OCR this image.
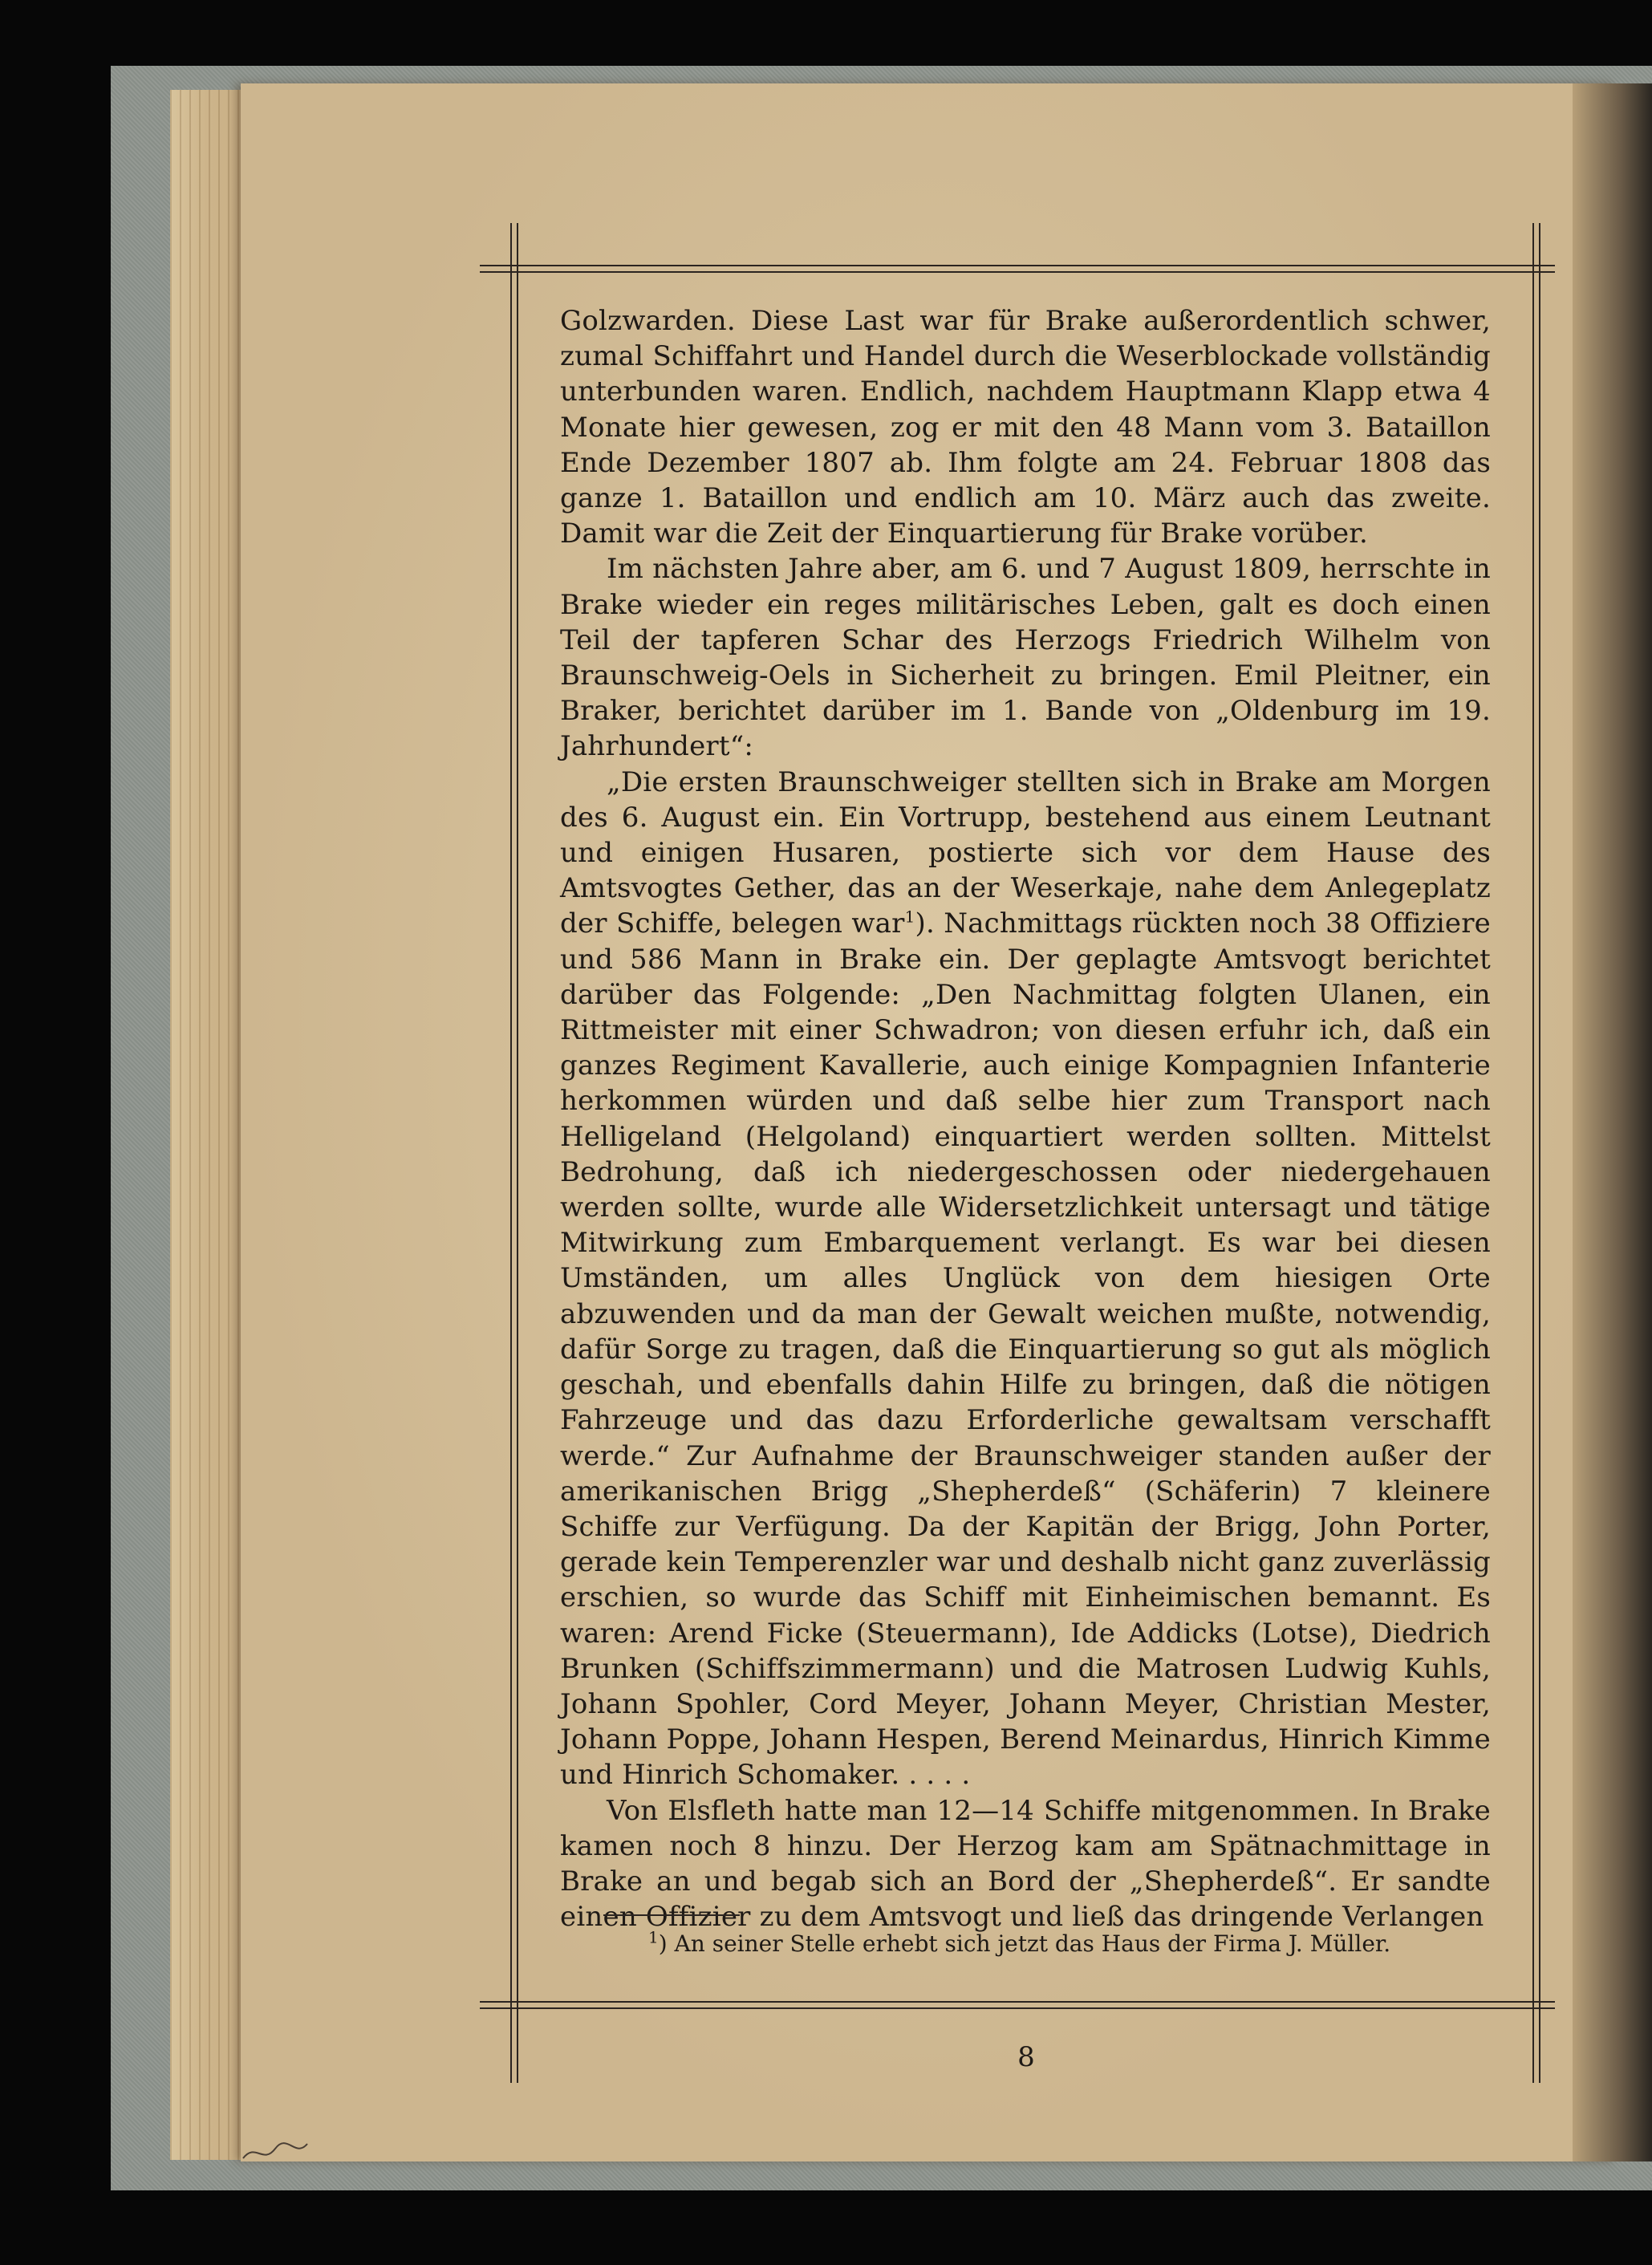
Golzwarden. Diese Last war für Brake außerordentlich schwer, zumal Schiffahrt und Handel durch die Weserblockade vollständig unterbunden waren. Endlich, nachdem Hauptmann Klapp etwa 4 Monate hier gewesen, zog er mit den 48 Mann vom 3. Bataillon Ende Dezember 1807 ab. Ihm folgte am 24. Februar 1808 das ganze 1. Bataillon und endlich am 10. März auch das zweite. Damit war die Zeit der Einquartierung für Brake vorüber.

Im nächsten Jahre aber, am 6. und 7 August 1809, herrschte in Brake wieder ein reges militärisches Leben, galt es doch einen Teil der tapferen Schar des Herzogs Friedrich Wilhelm von Braunschweig-Oels in Sicherheit zu bringen. Emil Pleitner, ein Braker, berichtet darüber im 1. Bande von „Oldenburg im 19. Jahrhundert“:

„Die ersten Braunschweiger stellten sich in Brake am Morgen des 6. August ein. Ein Vortrupp, bestehend aus einem Leutnant und einigen Husaren, postierte sich vor dem Hause des Amtsvogtes Gether, das an der Weserkaje, nahe dem Anlegeplatz der Schiffe, belegen war$^1$). Nachmittags rückten noch 38 Offiziere und 586 Mann in Brake ein. Der geplagte Amtsvogt berichtet darüber das Folgende: „Den Nachmittag folgten Ulanen, ein Rittmeister mit einer Schwadron; von diesen erfuhr ich, daß ein ganzes Regiment Kavallerie, auch einige Kompagnien Infanterie herkommen würden und daß selbe hier zum Transport nach Helligeland (Helgoland) einquartiert werden sollten. Mittelst Bedrohung, daß ich niedergeschossen oder niedergehauen werden sollte, wurde alle Widersetzlichkeit untersagt und tätige Mitwirkung zum Embarquement verlangt. Es war bei diesen Umständen, um alles Unglück von dem hiesigen Orte abzuwenden und da man der Gewalt weichen mußte, notwendig, dafür Sorge zu tragen, daß die Einquartierung so gut als möglich geschah, und ebenfalls dahin Hilfe zu bringen, daß die nötigen Fahrzeuge und das dazu Erforderliche gewaltsam verschafft werde.“ Zur Aufnahme der Braunschweiger standen außer der amerikanischen Brigg „Shepherdeß“ (Schäferin) 7 kleinere Schiffe zur Verfügung. Da der Kapitän der Brigg, John Porter, gerade kein Temperenzler war und deshalb nicht ganz zuverlässig erschien, so wurde das Schiff mit Einheimischen bemannt. Es waren: Arend Ficke (Steuermann), Ide Addicks (Lotse), Diedrich Brunken (Schiffszimmermann) und die Matrosen Ludwig Kuhls, Johann Spohler, Cord Meyer, Johann Meyer, Christian Mester, Johann Poppe, Johann Hespen, Berend Meinardus, Hinrich Kimme und Hinrich Schomaker. . . . .

Von Elsfleth hatte man 12—14 Schiffe mitgenommen. In Brake kamen noch 8 hinzu. Der Herzog kam am Spätnachmittage in Brake an und begab sich an Bord der „Shepherdeß“. Er sandte einen Offizier zu dem Amtsvogt und ließ das dringende Verlangen

$^1$) An seiner Stelle erhebt sich jetzt das Haus der Firma J. Müller.
8
